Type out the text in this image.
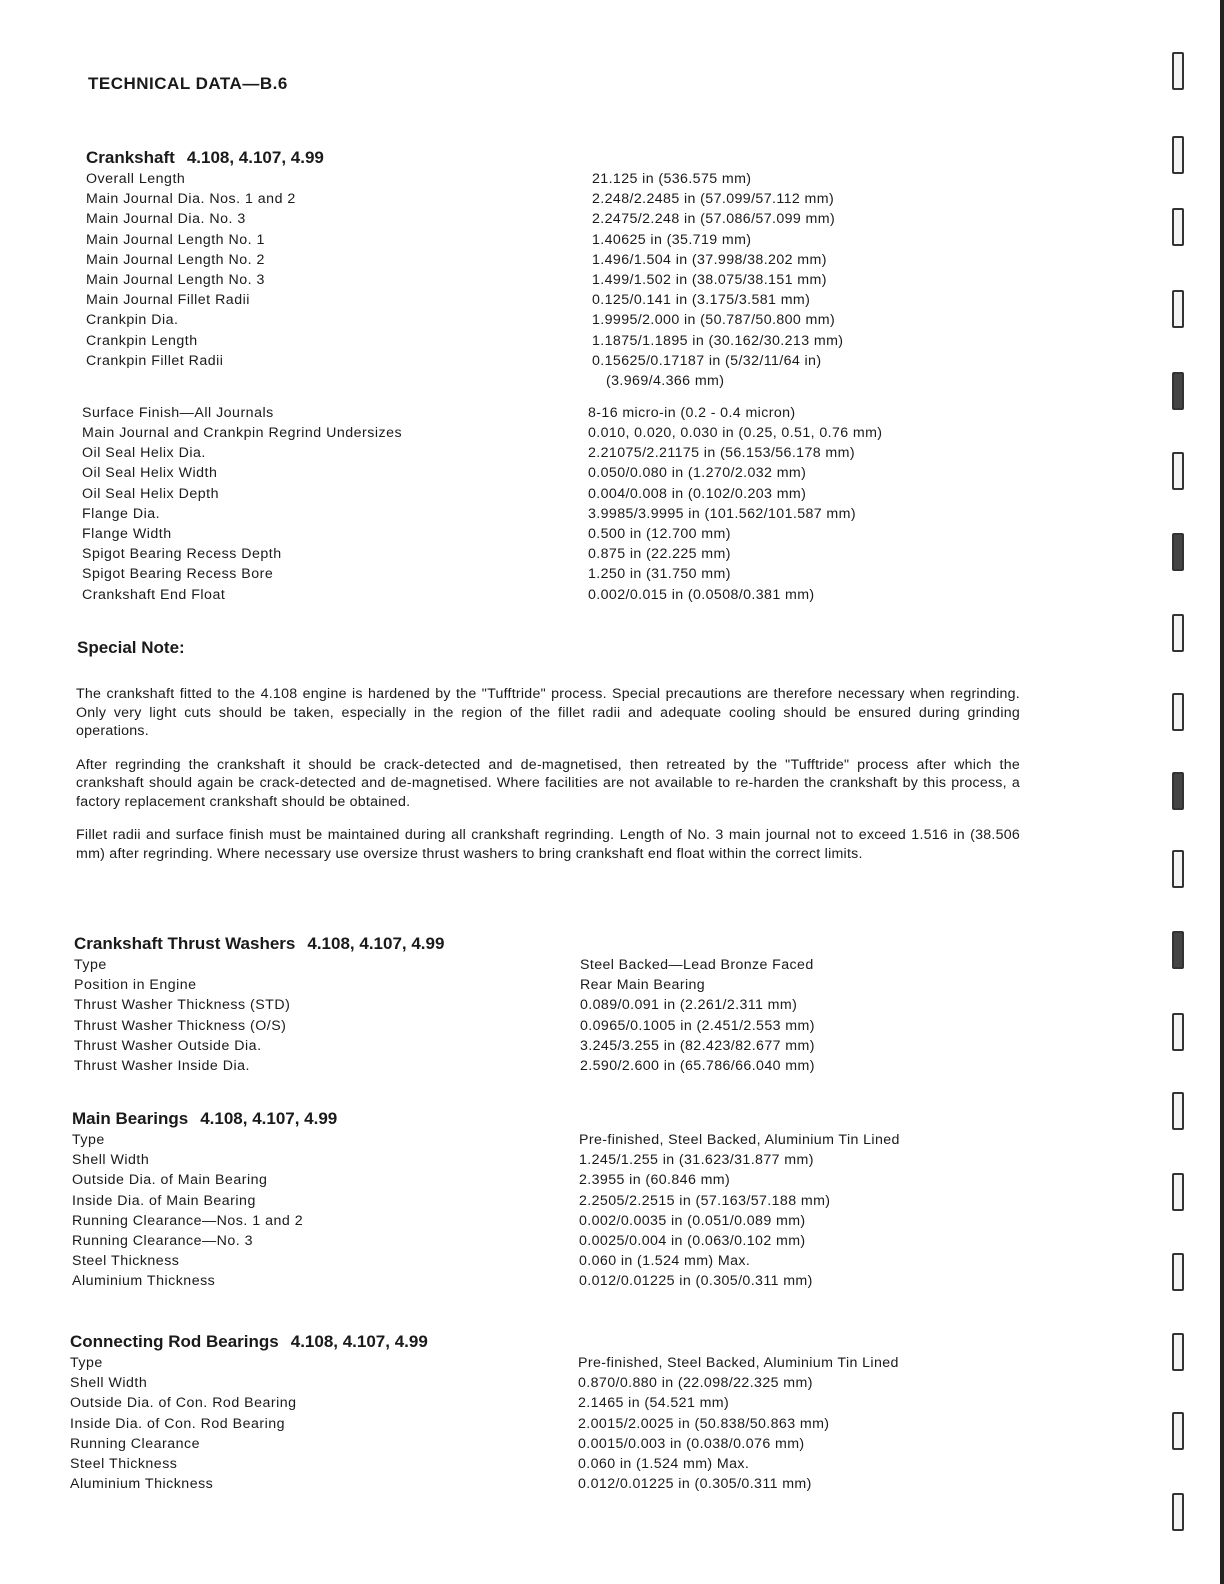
TECHNICAL DATA—B.6
Crankshaft 4.108, 4.107, 4.99
Overall Length	21.125 in (536.575 mm)
Main Journal Dia. Nos. 1 and 2	2.248/2.2485 in (57.099/57.112 mm)
Main Journal Dia. No. 3	2.2475/2.248 in (57.086/57.099 mm)
Main Journal Length No. 1	1.40625 in (35.719 mm)
Main Journal Length No. 2	1.496/1.504 in (37.998/38.202 mm)
Main Journal Length No. 3	1.499/1.502 in (38.075/38.151 mm)
Main Journal Fillet Radii	0.125/0.141 in (3.175/3.581 mm)
Crankpin Dia.	1.9995/2.000 in (50.787/50.800 mm)
Crankpin Length	1.1875/1.1895 in (30.162/30.213 mm)
Crankpin Fillet Radii	0.15625/0.17187 in (5/32/11/64 in)
(3.969/4.366 mm)
Surface Finish—All Journals	8-16 micro-in (0.2 - 0.4 micron)
Main Journal and Crankpin Regrind Undersizes	0.010, 0.020, 0.030 in (0.25, 0.51, 0.76 mm)
Oil Seal Helix Dia.	2.21075/2.21175 in (56.153/56.178 mm)
Oil Seal Helix Width	0.050/0.080 in (1.270/2.032 mm)
Oil Seal Helix Depth	0.004/0.008 in (0.102/0.203 mm)
Flange Dia.	3.9985/3.9995 in (101.562/101.587 mm)
Flange Width	0.500 in (12.700 mm)
Spigot Bearing Recess Depth	0.875 in (22.225 mm)
Spigot Bearing Recess Bore	1.250 in (31.750 mm)
Crankshaft End Float	0.002/0.015 in (0.0508/0.381 mm)
Special Note:

The crankshaft fitted to the 4.108 engine is hardened by the "Tufftride" process. Special precautions are therefore necessary when regrinding. Only very light cuts should be taken, especially in the region of the fillet radii and adequate cooling should be ensured during grinding operations.

After regrinding the crankshaft it should be crack-detected and de-magnetised, then retreated by the "Tufftride" process after which the crankshaft should again be crack-detected and de-magnetised. Where facilities are not available to re-harden the crankshaft by this process, a factory replacement crankshaft should be obtained.

Fillet radii and surface finish must be maintained during all crankshaft regrinding. Length of No. 3 main journal not to exceed 1.516 in (38.506 mm) after regrinding. Where necessary use oversize thrust washers to bring crankshaft end float within the correct limits.

Crankshaft Thrust Washers 4.108, 4.107, 4.99
Type	Steel Backed—Lead Bronze Faced
Position in Engine	Rear Main Bearing
Thrust Washer Thickness (STD)	0.089/0.091 in (2.261/2.311 mm)
Thrust Washer Thickness (O/S)	0.0965/0.1005 in (2.451/2.553 mm)
Thrust Washer Outside Dia.	3.245/3.255 in (82.423/82.677 mm)
Thrust Washer Inside Dia.	2.590/2.600 in (65.786/66.040 mm)
Main Bearings 4.108, 4.107, 4.99
Type	Pre-finished, Steel Backed, Aluminium Tin Lined
Shell Width	1.245/1.255 in (31.623/31.877 mm)
Outside Dia. of Main Bearing	2.3955 in (60.846 mm)
Inside Dia. of Main Bearing	2.2505/2.2515 in (57.163/57.188 mm)
Running Clearance—Nos. 1 and 2	0.002/0.0035 in (0.051/0.089 mm)
Running Clearance—No. 3	0.0025/0.004 in (0.063/0.102 mm)
Steel Thickness	0.060 in (1.524 mm) Max.
Aluminium Thickness	0.012/0.01225 in (0.305/0.311 mm)
Connecting Rod Bearings 4.108, 4.107, 4.99
Type	Pre-finished, Steel Backed, Aluminium Tin Lined
Shell Width	0.870/0.880 in (22.098/22.325 mm)
Outside Dia. of Con. Rod Bearing	2.1465 in (54.521 mm)
Inside Dia. of Con. Rod Bearing	2.0015/2.0025 in (50.838/50.863 mm)
Running Clearance	0.0015/0.003 in (0.038/0.076 mm)
Steel Thickness	0.060 in (1.524 mm) Max.
Aluminium Thickness	0.012/0.01225 in (0.305/0.311 mm)
